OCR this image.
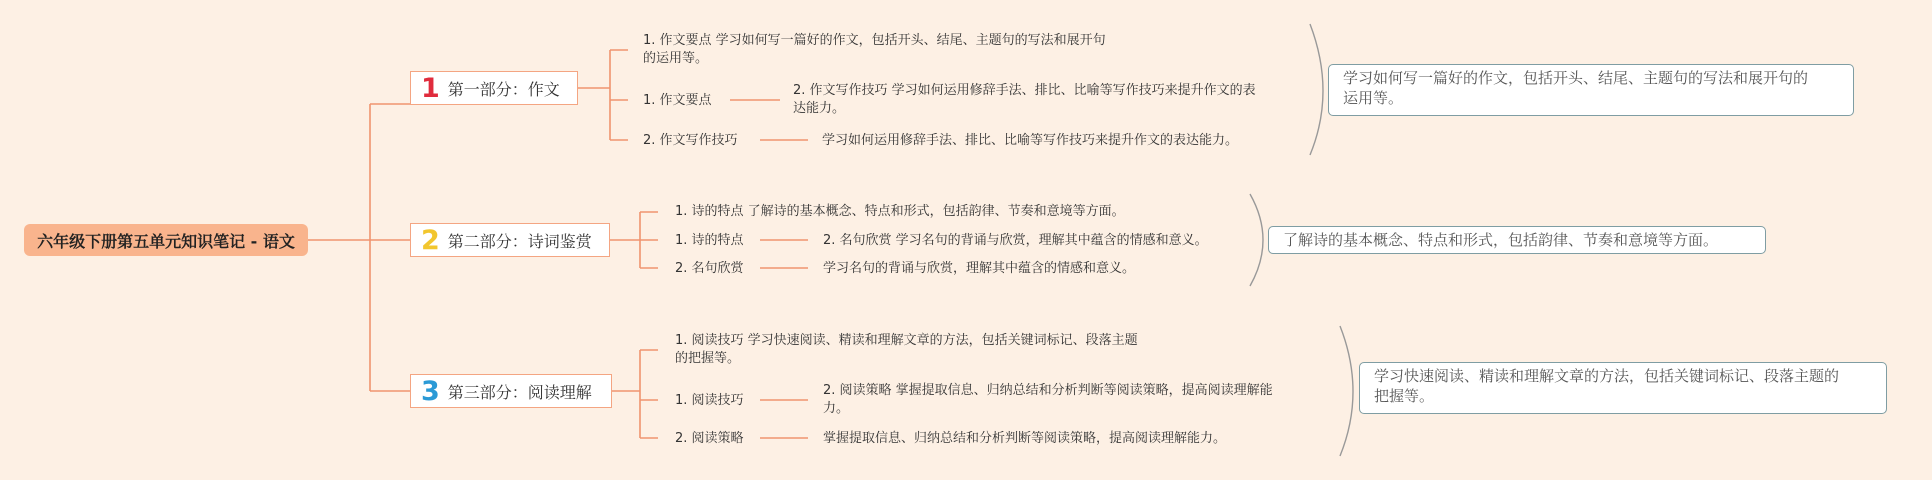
六年级下册第五单元知识笔记 - 语文
1 第一部分：作文
1. 作文要点 学习如何写一篇好的作文，包括开头、结尾、主题句的写法和展开句
的运用等。
1. 作文要点
2. 作文写作技巧 学习如何运用修辞手法、排比、比喻等写作技巧来提升作文的表
达能力。
2. 作文写作技巧	学习如何运用修辞手法、排比、比喻等写作技巧来提升作文的表达能力。
学习如何写一篇好的作文，包括开头、结尾、主题句的写法和展开句的
运用等。
2 第二部分：诗词鉴赏
1. 诗的特点 了解诗的基本概念、特点和形式，包括韵律、节奏和意境等方面。
1. 诗的特点	2. 名句欣赏 学习名句的背诵与欣赏，理解其中蕴含的情感和意义。
2. 名句欣赏	学习名句的背诵与欣赏，理解其中蕴含的情感和意义。
了解诗的基本概念、特点和形式，包括韵律、节奏和意境等方面。
3 第三部分：阅读理解
1. 阅读技巧 学习快速阅读、精读和理解文章的方法，包括关键词标记、段落主题
的把握等。
1. 阅读技巧
2. 阅读策略 掌握提取信息、归纳总结和分析判断等阅读策略，提高阅读理解能
力。
2. 阅读策略	掌握提取信息、归纳总结和分析判断等阅读策略，提高阅读理解能力。
学习快速阅读、精读和理解文章的方法，包括关键词标记、段落主题的
把握等。
